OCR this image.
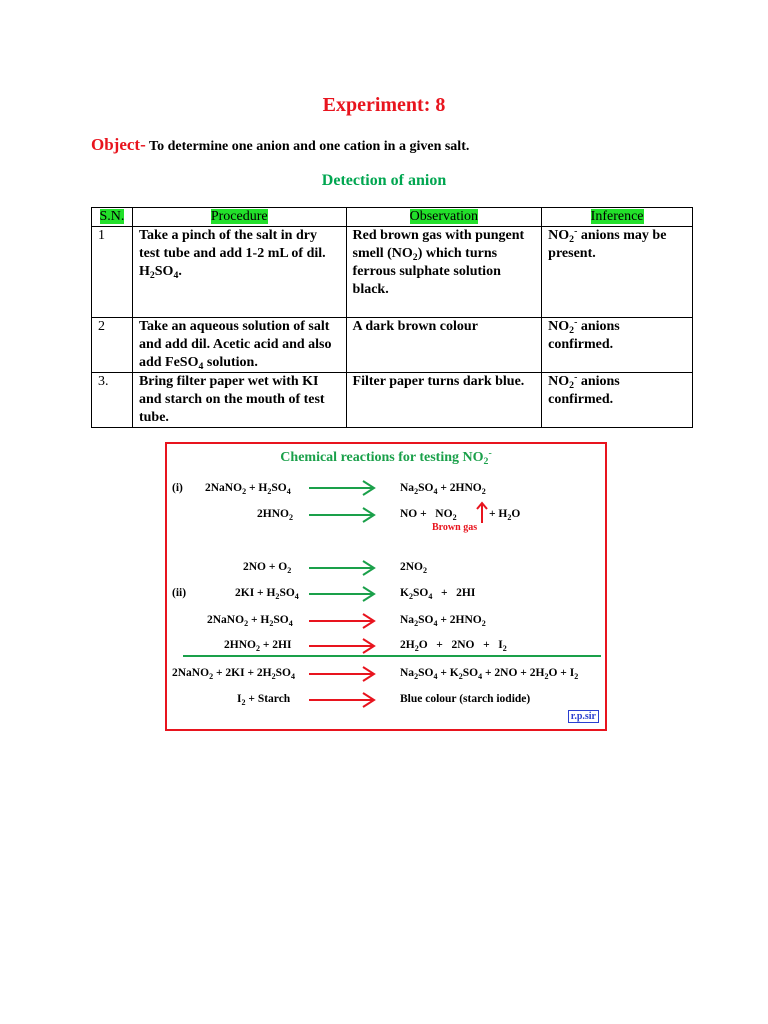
Experiment: 8
Object- To determine one anion and one cation in a given salt.
Detection of anion
S.N.	Procedure	Observation	Inference
1	Take a pinch of the salt in dry test tube and add 1-2 mL of dil. $H_2SO_4$.	Red brown gas with pungent smell $(NO_2)$ which turns ferrous sulphate solution black.	$NO_2^-$ anions may be present.
2	Take an aqueous solution of salt and add dil. Acetic acid and also add FeSO$_4$ solution.	A dark brown colour	$NO_2^-$ anions confirmed.
3.	Bring filter paper wet with KI and starch on the mouth of test tube.	Filter paper turns dark blue.	$NO_2^-$ anions confirmed.
Chemical reactions for testing $NO_2^-$
(i) 2NaNO$_2$ + $H_2SO_4$	$Na_2SO_4 + 2HNO_2$
$2HNO_2$	NO +   $NO_2$	+ $H_2O$
Brown gas
$2NO + O_2$	$2NO_2$
(ii)	$2KI + H_2SO_4$	$K_2SO_4 + 2HI$
2NaNO$_2$ + $H_2SO_4$	$Na_2SO_4 + 2HNO_2$
$2HNO_2 + 2HI$	$2H_2O + 2NO + I_2$
2NaNO$_2$ + $2KI + 2H_2SO_4$	$Na_2SO_4 + K_2SO_4 + 2NO + 2H_2O + I_2$
$I_2$ + Starch	Blue colour (starch iodide)
r.p.sir
